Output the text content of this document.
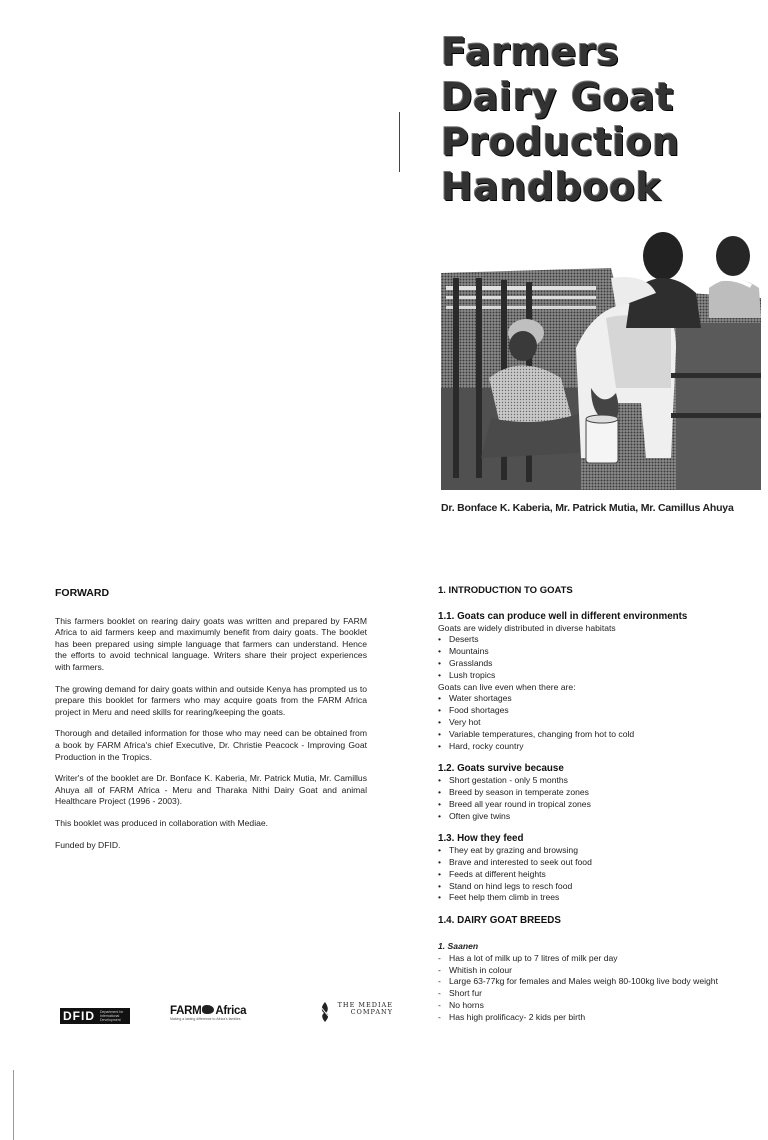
Farmers
Dairy Goat
Production
Handbook
Dr. Bonface K. Kaberia, Mr. Patrick Mutia, Mr. Camillus Ahuya
FORWARD

This farmers booklet on rearing dairy goats was written and prepared by FARM Africa to aid farmers keep and maximumly benefit from dairy goats. The booklet has been prepared using simple language that farmers can understand. Hence the efforts to avoid technical language. Writers share their project experiences with farmers.

The growing demand for dairy goats within and outside Kenya has prompted us to prepare this booklet for farmers who may acquire goats from the FARM Africa project in Meru and need skills for rearing/keeping the goats.

Thorough and detailed information for those who may need can be obtained from a book by FARM Africa's chief Executive, Dr. Christie Peacock - Improving Goat Production in the Tropics.

Writer's of the booklet are Dr. Bonface K. Kaberia, Mr. Patrick Mutia, Mr. Camillus Ahuya all of FARM Africa - Meru and Tharaka Nithi Dairy Goat and animal Healthcare Project (1996 - 2003).

This booklet was produced in collaboration with Mediae.

Funded by DFID.

DFID Department for International Development
FARM Africa
Making a lasting difference to Africa's families
THE MEDIAE COMPANY
1. INTRODUCTION TO GOATS
1.1. Goats can produce well in different environments
Goats are widely distributed in diverse habitats
• Deserts
• Mountains
• Grasslands
• Lush tropics
Goats can live even when there are:
• Water shortages
• Food shortages
• Very hot
• Variable temperatures, changing from hot to cold
• Hard, rocky country
1.2. Goats survive because
• Short gestation - only 5 months
• Breed by season in temperate zones
• Breed all year round in tropical zones
• Often give twins
1.3. How they feed
• They eat by grazing and browsing
• Brave and interested to seek out food
• Feeds at different heights
• Stand on hind legs to resch food
• Feet help them climb in trees
1.4. DAIRY GOAT BREEDS
1. Saanen
- Has a lot of milk up to 7 litres of milk per day
- Whitish in colour
- Large 63-77kg for females and Males weigh 80-100kg live body weight
- Short fur
- No horns
- Has high prolificacy- 2 kids per birth
